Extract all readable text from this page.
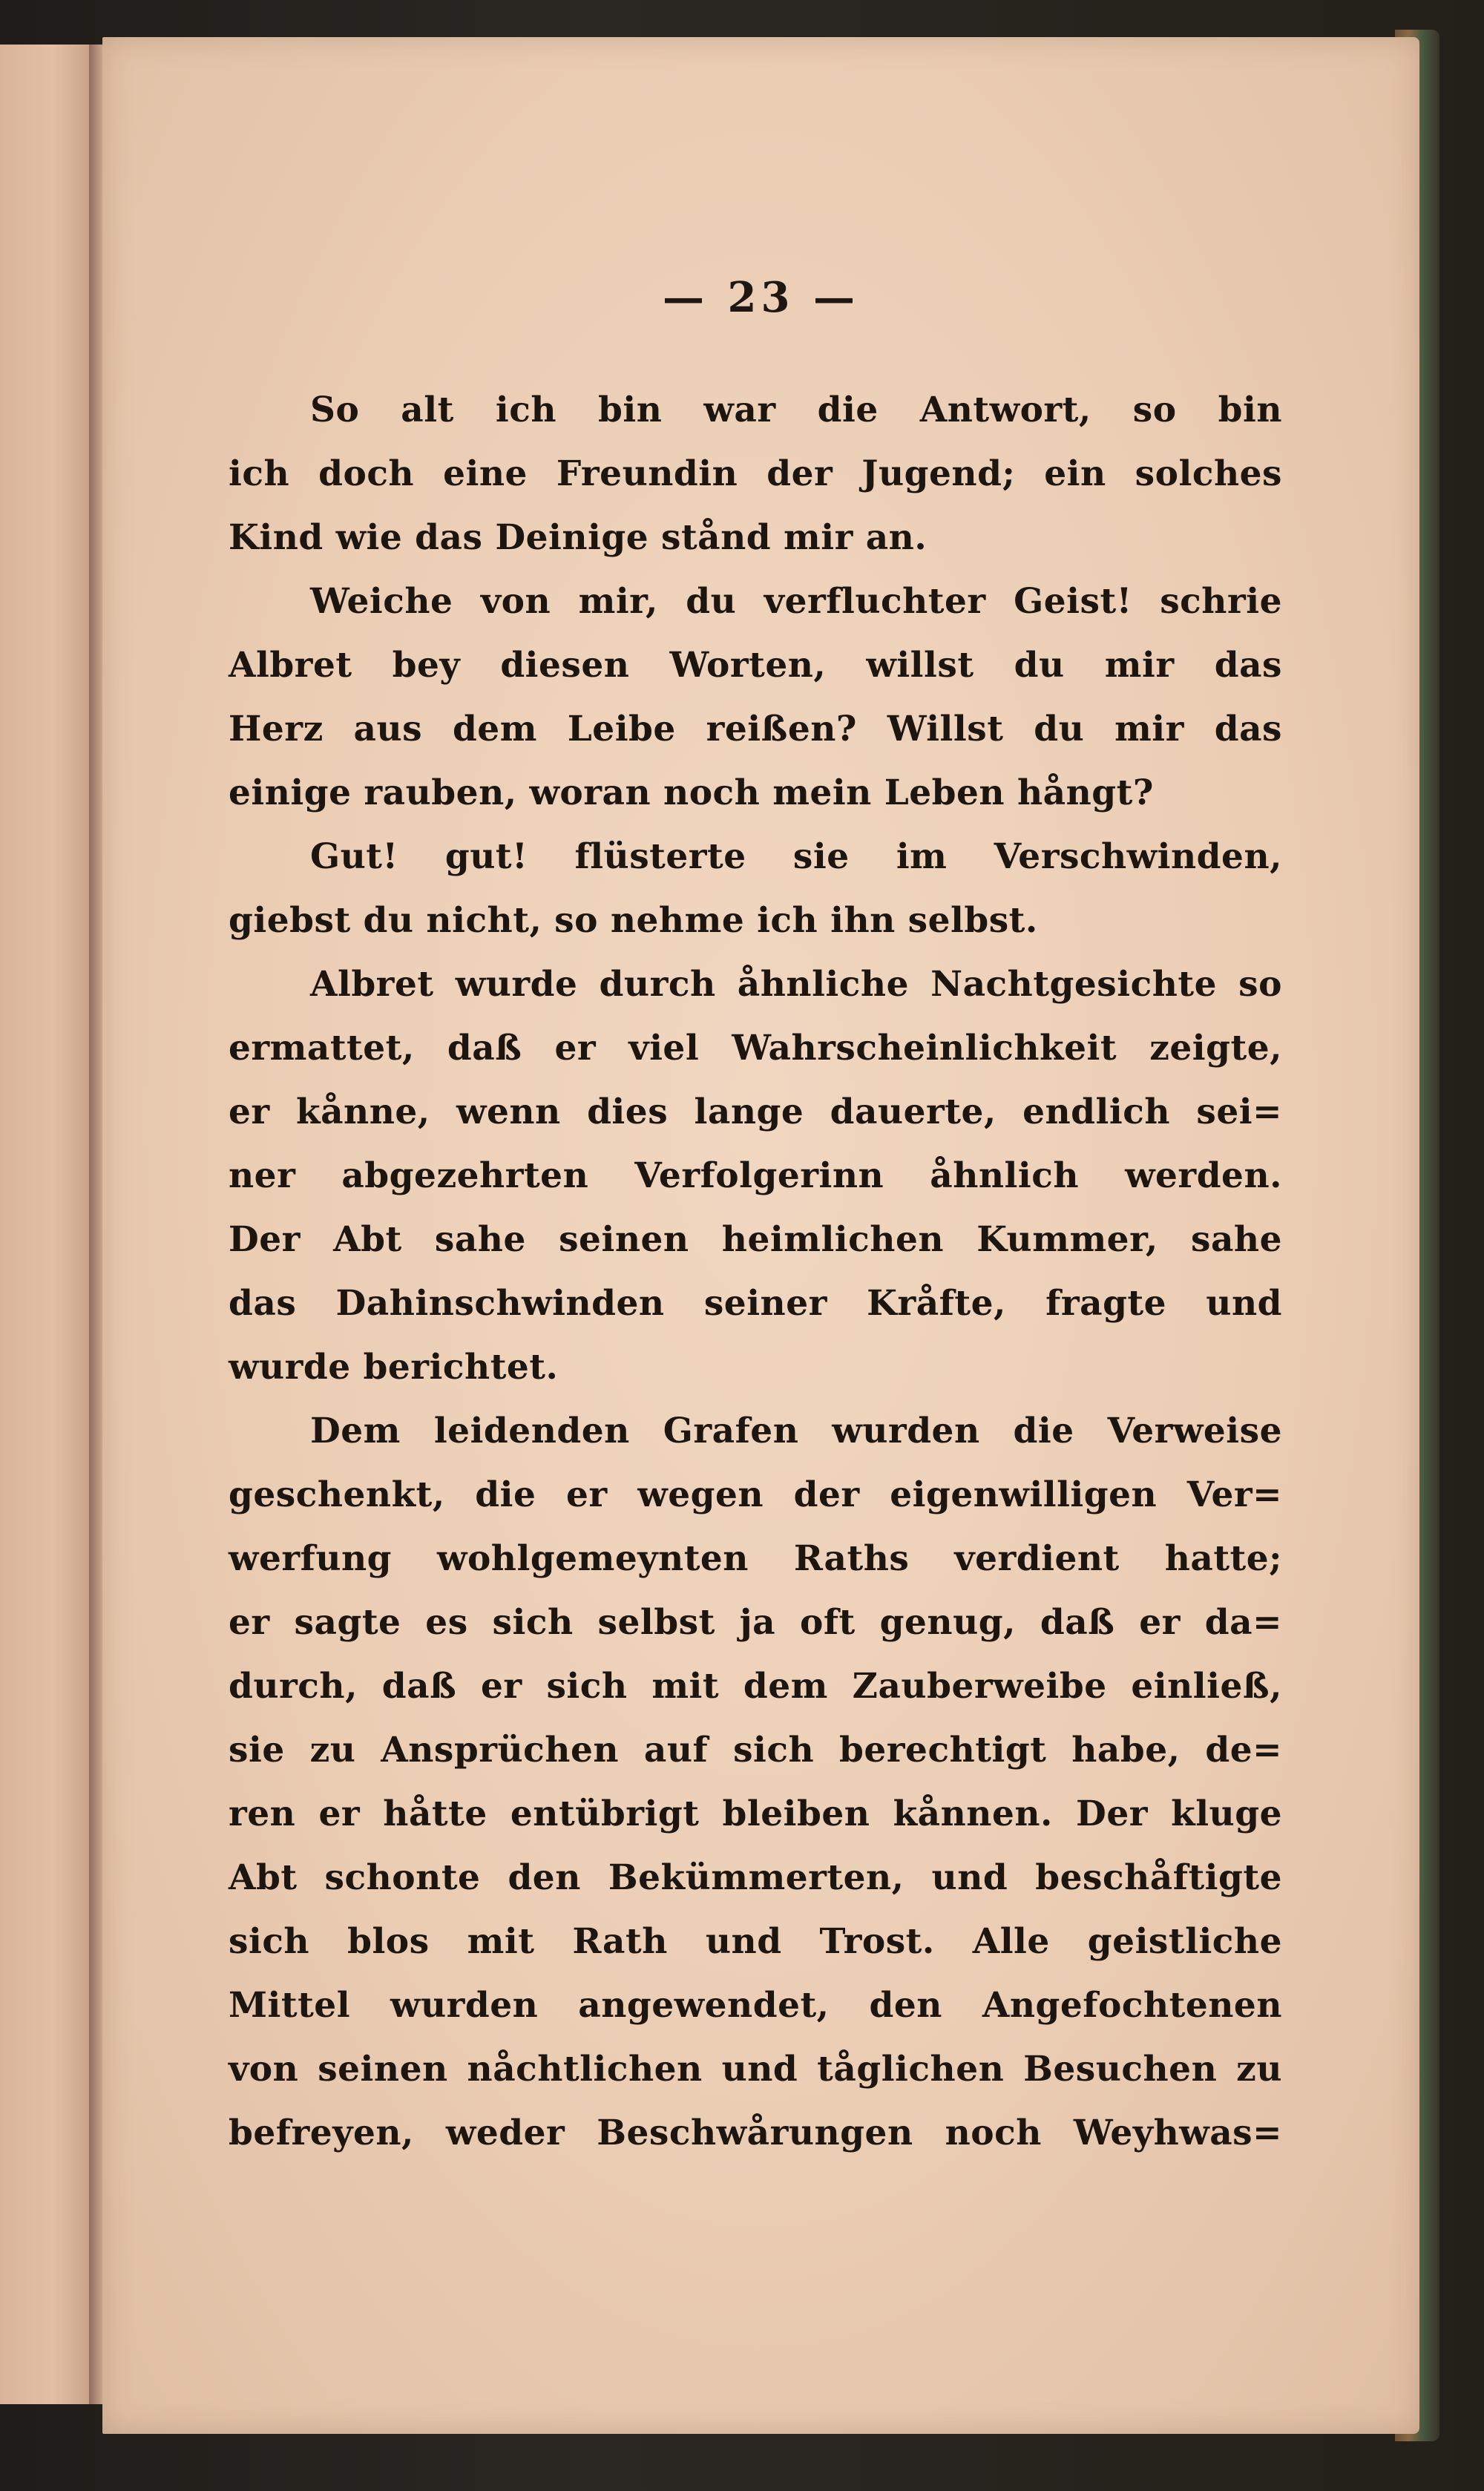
— 23 —
So alt ich bin war die Antwort, so bin
ich doch eine Freundin der Jugend; ein solches
Kind wie das Deinige stånd mir an.
Weiche von mir, du verfluchter Geist! schrie
Albret bey diesen Worten, willst du mir das
Herz aus dem Leibe reißen? Willst du mir das
einige rauben, woran noch mein Leben hångt?
Gut! gut! flüsterte sie im Verschwinden,
giebst du nicht, so nehme ich ihn selbst.
Albret wurde durch åhnliche Nachtgesichte so
ermattet, daß er viel Wahrscheinlichkeit zeigte,
er kånne, wenn dies lange dauerte, endlich sei=
ner abgezehrten Verfolgerinn åhnlich werden.
Der Abt sahe seinen heimlichen Kummer, sahe
das Dahinschwinden seiner Kråfte, fragte und
wurde berichtet.
Dem leidenden Grafen wurden die Verweise
geschenkt, die er wegen der eigenwilligen Ver=
werfung wohlgemeynten Raths verdient hatte;
er sagte es sich selbst ja oft genug, daß er da=
durch, daß er sich mit dem Zauberweibe einließ,
sie zu Ansprüchen auf sich berechtigt habe, de=
ren er håtte entübrigt bleiben kånnen. Der kluge
Abt schonte den Bekümmerten, und beschåftigte
sich blos mit Rath und Trost. Alle geistliche
Mittel wurden angewendet, den Angefochtenen
von seinen nåchtlichen und tåglichen Besuchen zu
befreyen, weder Beschwårungen noch Weyhwas=
